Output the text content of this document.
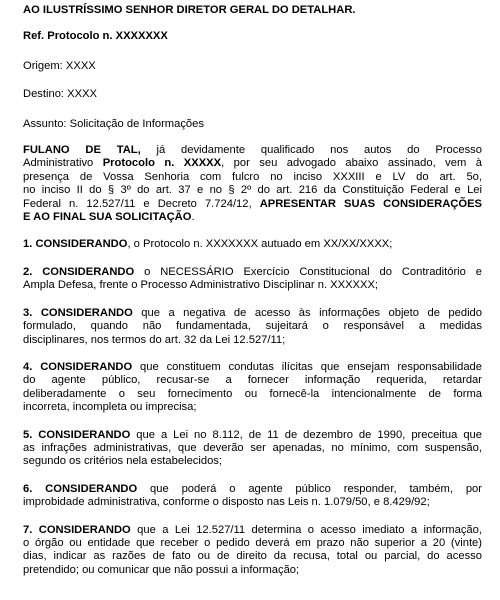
AO ILUSTRÍSSIMO SENHOR DIRETOR GERAL DO DETALHAR.

Ref. Protocolo n. XXXXXXX

Origem: XXXX

Destino: XXXX

Assunto: Solicitação de Informações

FULANO DE TAL, já devidamente qualificado nos autos do Processo
Administrativo Protocolo n. XXXXX, por seu advogado abaixo assinado, vem à
presença de Vossa Senhoria com fulcro no inciso XXXIII e LV do art. 5o,
no inciso II do § 3º do art. 37 e no § 2º do art. 216 da Constituição Federal e Lei
Federal n. 12.527/11 e Decreto 7.724/12, APRESENTAR SUAS CONSIDERAÇÕES
E AO FINAL SUA SOLICITAÇÃO.
1. CONSIDERANDO, o Protocolo n. XXXXXXX autuado em XX/XX/XXXX;
2. CONSIDERANDO o NECESSÁRIO Exercício Constitucional do Contraditório e
Ampla Defesa, frente o Processo Administrativo Disciplinar n. XXXXXX;
3. CONSIDERANDO que a negativa de acesso às informações objeto de pedido
formulado, quando não fundamentada, sujeitará o responsável a medidas
disciplinares, nos termos do art. 32 da Lei 12.527/11;
4. CONSIDERANDO que constituem condutas ilícitas que ensejam responsabilidade
do agente público, recusar-se a fornecer informação requerida, retardar
deliberadamente o seu fornecimento ou fornecê-la intencionalmente de forma
incorreta, incompleta ou imprecisa;
5. CONSIDERANDO que a Lei no 8.112, de 11 de dezembro de 1990, preceitua que
as infrações administrativas, que deverão ser apenadas, no mínimo, com suspensão,
segundo os critérios nela estabelecidos;
6. CONSIDERANDO que poderá o agente público responder, também, por
improbidade administrativa, conforme o disposto nas Leis n. 1.079/50, e 8.429/92;
7. CONSIDERANDO que a Lei 12.527/11 determina o acesso imediato a informação,
o órgão ou entidade que receber o pedido deverá em prazo não superior a 20 (vinte)
dias, indicar as razões de fato ou de direito da recusa, total ou parcial, do acesso
pretendido; ou comunicar que não possui a informação;
